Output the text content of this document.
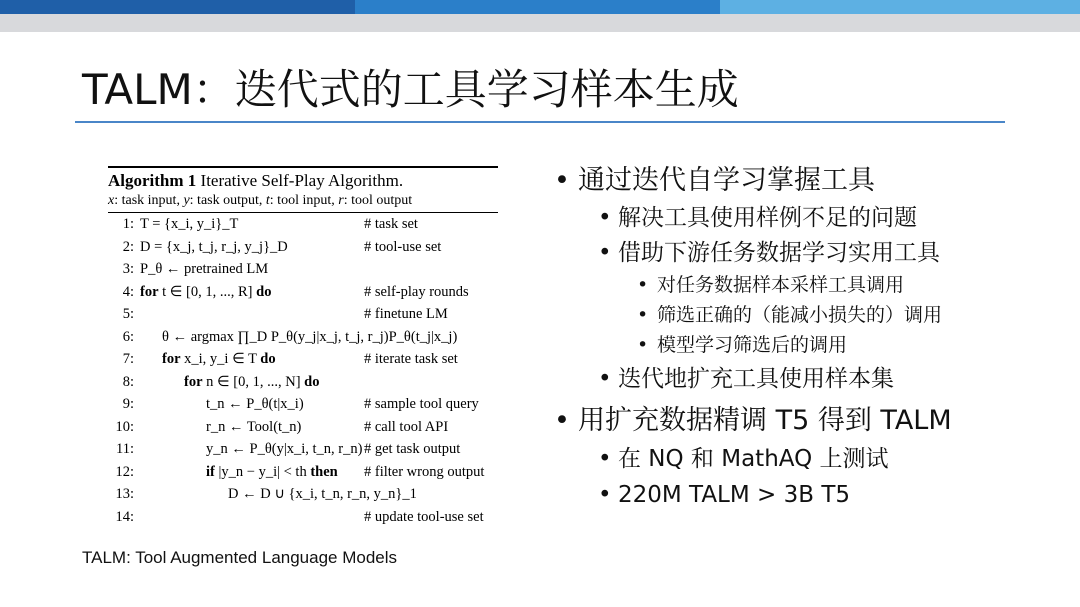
TALM：迭代式的工具学习样本生成
Algorithm 1 Iterative Self-Play Algorithm.
x: task input, y: task output, t: tool input, r: tool output
1: T = {x_i, y_i}_T	# task set
2: D = {x_j, t_j, r_j, y_j}_D	# tool-use set
3: P_θ ← pretrained LM
4: for t ∈ [0, 1, ..., R] do	# self-play rounds
5:	# finetune LM
6: θ ← argmax ∏_D P_θ(y_j|x_j, t_j, r_j)P_θ(t_j|x_j)
7: for x_i, y_i ∈ T do	# iterate task set
8:	for n ∈ [0, 1, ..., N] do
9:	t_n ← P_θ(t|x_i)	# sample tool query
10:	r_n ← Tool(t_n)	# call tool API
11:	y_n ← P_θ(y|x_i, t_n, r_n) # get task output
12:	if |y_n − y_i| < th then # filter wrong output
13:	D ← D ∪ {x_i, t_n, r_n, y_n}_1
14:	# update tool-use set
TALM: Tool Augmented Language Models
• 通过迭代自学习掌握工具
• 解决工具使用样例不足的问题
• 借助下游任务数据学习实用工具
• 对任务数据样本采样工具调用
• 筛选正确的（能减小损失的）调用
• 模型学习筛选后的调用
• 迭代地扩充工具使用样本集
• 用扩充数据精调 T5 得到 TALM
• 在 NQ 和 MathAQ 上测试
• 220M TALM > 3B T5
